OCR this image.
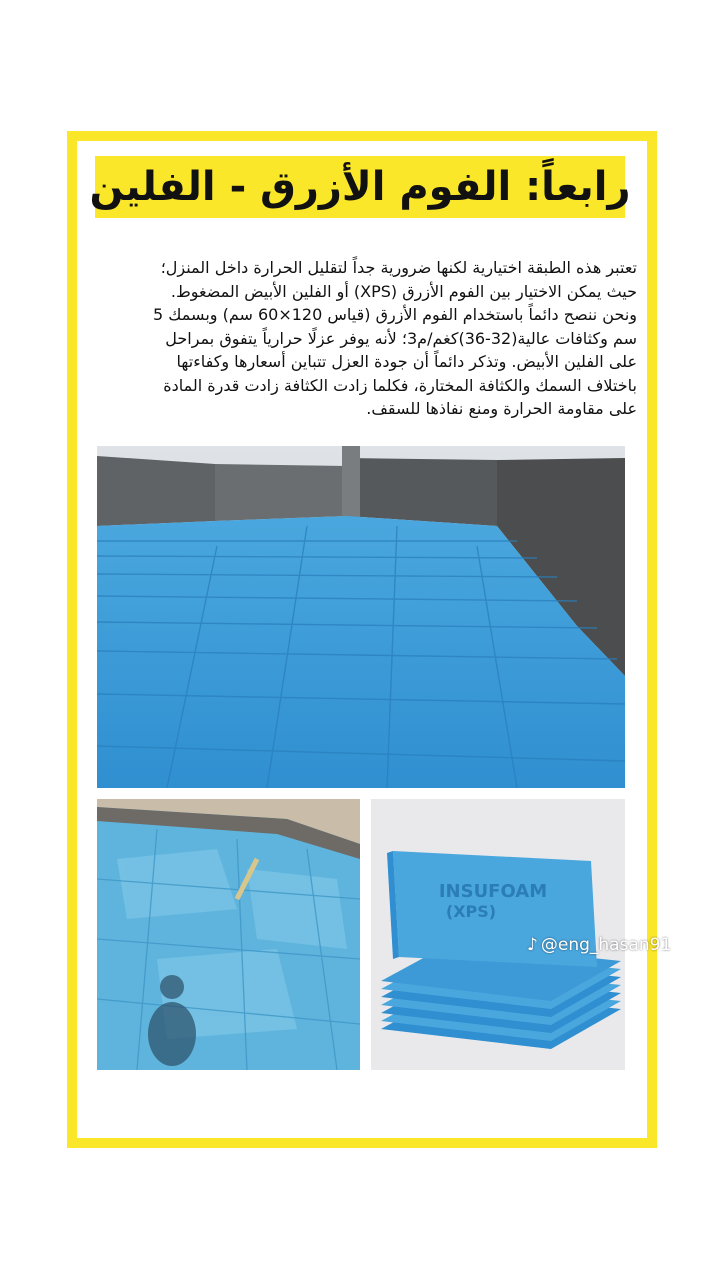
رابعاً: الفوم الأزرق - الفلين
تعتبر هذه الطبقة اختيارية لكنها ضرورية جداً لتقليل الحرارة داخل المنزل؛
حيث يمكن الاختيار بين الفوم الأزرق (XPS) أو الفلين الأبيض المضغوط.
ونحن ننصح دائماً باستخدام الفوم الأزرق (قياس 120×60 سم) وبسمك 5
سم وكثافات عالية(32-36)كغم/م3؛ لأنه يوفر عزلًا حرارياً يتفوق بمراحل
على الفلين الأبيض. وتذكر دائماً أن جودة العزل تتباين أسعارها وكفاءتها
باختلاف السمك والكثافة المختارة، فكلما زادت الكثافة زادت قدرة المادة
على مقاومة الحرارة ومنع نفاذها للسقف.
INSUFOAM
(XPS)
♪ @eng_hasan91
